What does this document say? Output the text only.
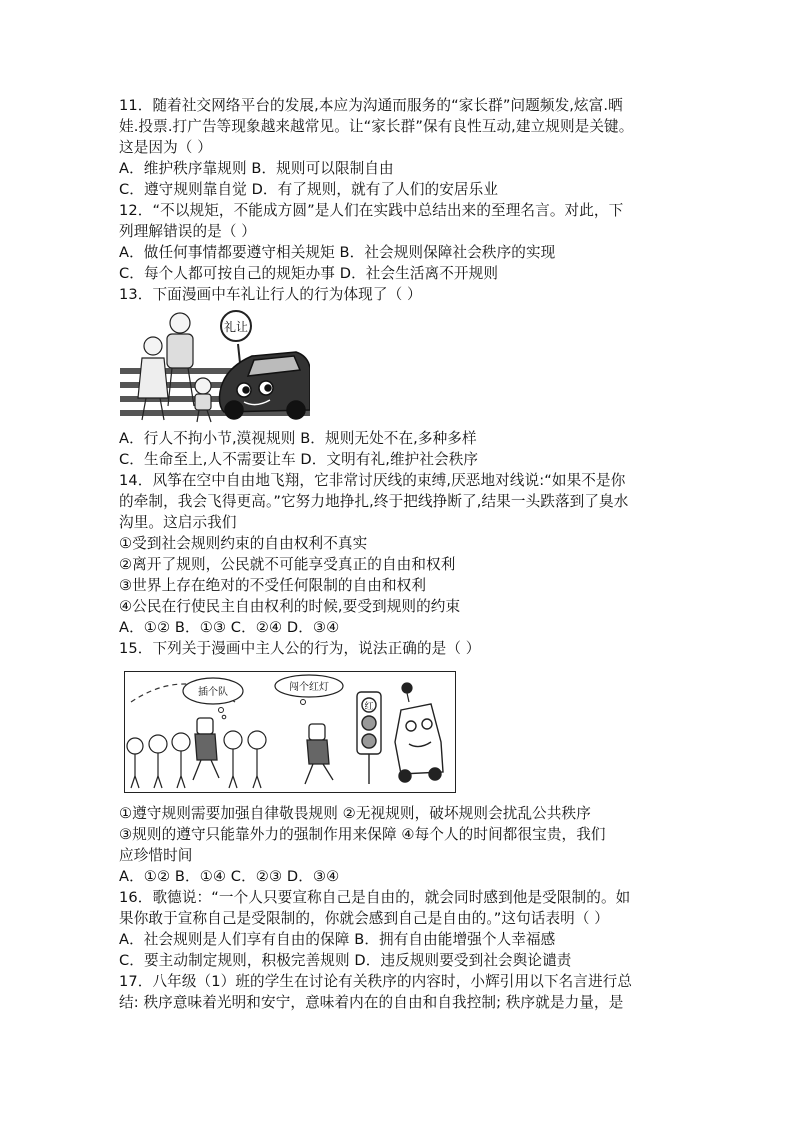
11．随着社交网络平台的发展,本应为沟通而服务的“家长群”问题频发,炫富.晒
娃.投票.打广告等现象越来越常见。让“家长群”保有良性互动,建立规则是关键。
这是因为（ ）
A．维护秩序靠规则 B．规则可以限制自由
C．遵守规则靠自觉 D．有了规则，就有了人们的安居乐业
12．“不以规矩，不能成方圆”是人们在实践中总结出来的至理名言。对此，下
列理解错误的是（ ）
A．做任何事情都要遵守相关规矩 B．社会规则保障社会秩序的实现
C．每个人都可按自己的规矩办事 D．社会生活离不开规则
13．下面漫画中车礼让行人的行为体现了（ ）
礼让
A．行人不拘小节,漠视规则 B．规则无处不在,多种多样
C．生命至上,人不需要让车 D．文明有礼,维护社会秩序
14．风筝在空中自由地飞翔，它非常讨厌线的束缚,厌恶地对线说:“如果不是你
的牵制，我会飞得更高。”它努力地挣扎,终于把线挣断了,结果一头跌落到了臭水
沟里。这启示我们
①受到社会规则约束的自由权利不真实
②离开了规则，公民就不可能享受真正的自由和权利
③世界上存在绝对的不受任何限制的自由和权利
④公民在行使民主自由权利的时候,要受到规则的约束
A．①② B．①③ C．②④ D．③④
15．下列关于漫画中主人公的行为，说法正确的是（ ）
插个队	闯个红灯
红
①遵守规则需要加强自律敬畏规则 ②无视规则，破坏规则会扰乱公共秩序
③规则的遵守只能靠外力的强制作用来保障 ④每个人的时间都很宝贵，我们
应珍惜时间
A．①② B．①④ C．②③ D．③④
16．歌德说：“一个人只要宣称自己是自由的，就会同时感到他是受限制的。如
果你敢于宣称自己是受限制的，你就会感到自己是自由的。”这句话表明（ ）
A．社会规则是人们享有自由的保障 B．拥有自由能增强个人幸福感
C．要主动制定规则，积极完善规则 D．违反规则要受到社会舆论谴责
17．八年级（1）班的学生在讨论有关秩序的内容时，小辉引用以下名言进行总
结: 秩序意味着光明和安宁，意味着内在的自由和自我控制; 秩序就是力量，是
